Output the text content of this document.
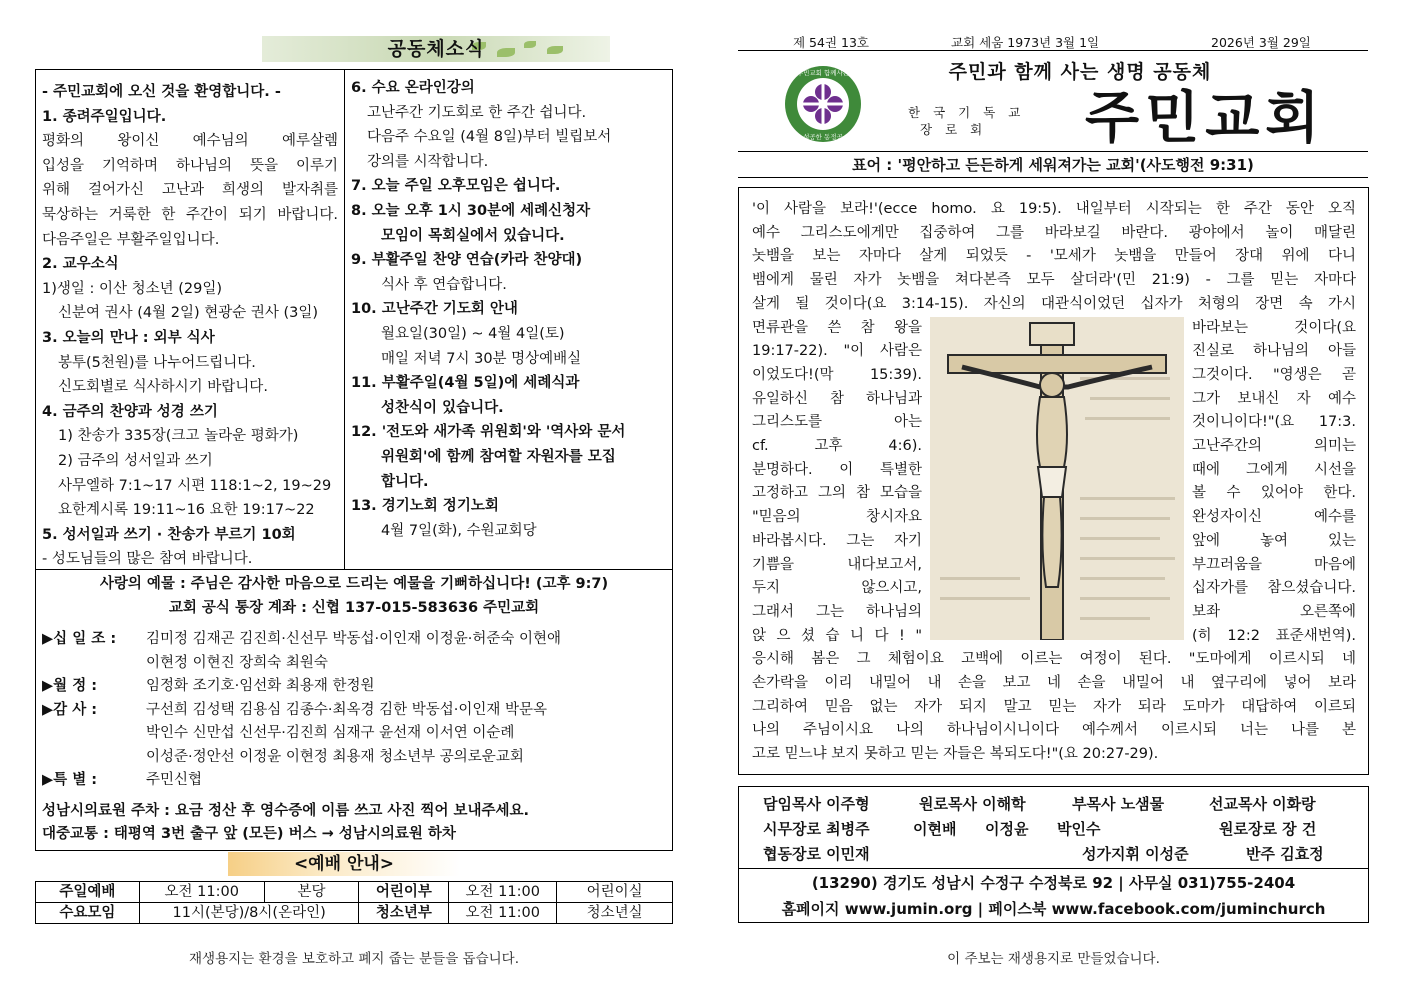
공동체소식
- 주민교회에 오신 것을 환영합니다. -
1. 종려주일입니다.
평화의 왕이신 예수님의 예루살렘
입성을 기억하며 하나님의 뜻을 이루기
위해 걸어가신 고난과 희생의 발자취를
묵상하는 거룩한 한 주간이 되기 바랍니다.
다음주일은 부활주일입니다.
2. 교우소식
1)생일 : 이산 청소년 (29일)
신분여 권사 (4월 2일) 현광순 권사 (3일)
3. 오늘의 만나 : 외부 식사
봉투(5천원)를 나누어드립니다.
신도회별로 식사하시기 바랍니다.
4. 금주의 찬양과 성경 쓰기
1) 찬송가 335장(크고 놀라운 평화가)
2) 금주의 성서일과 쓰기
사무엘하 7:1~17 시편 118:1~2, 19~29
요한계시록 19:11~16 요한 19:17~22
5. 성서일과 쓰기 · 찬송가 부르기 10회
- 성도님들의 많은 참여 바랍니다.
6. 수요 온라인강의
고난주간 기도회로 한 주간 쉽니다.
다음주 수요일 (4월 8일)부터 빌립보서
강의를 시작합니다.
7. 오늘 주일 오후모임은 쉽니다.
8. 오늘 오후 1시 30분에 세례신청자
모임이 목회실에서 있습니다.
9. 부활주일 찬양 연습(카라 찬양대)
식사 후 연습합니다.
10. 고난주간 기도회 안내
월요일(30일) ~ 4월 4일(토)
매일 저녁 7시 30분 명상예배실
11. 부활주일(4월 5일)에 세례식과
성찬식이 있습니다.
12. '전도와 새가족 위원회'와 '역사와 문서
위원회'에 함께 참여할 자원자를 모집
합니다.
13. 경기노회 정기노회
4월 7일(화), 수원교회당
사랑의 예물 : 주님은 감사한 마음으로 드리는 예물을 기뻐하십니다! (고후 9:7)
교회 공식 통장 계좌 : 신협 137-015-583636 주민교회
▶십 일 조 : 김미정 김재곤 김진희·신선무 박동섭·이인재 이정윤·허준숙 이현애
이현정 이현진 장희숙 최원숙
▶월 정 :	임정화 조기호·임선화 최용재 한정원
▶감 사 :	구선희 김성택 김용심 김종수·최옥경 김한 박동섭·이인재 박문옥
박인수 신만섭 신선무·김진희 심재구 윤선재 이서연 이순례
이성준·정안선 이정윤 이현정 최용재 청소년부 공의로운교회
▶특 별 :	주민신협
성남시의료원 주차 : 요금 정산 후 영수증에 이름 쓰고 사진 찍어 보내주세요.
대중교통 : 태평역 3번 출구 앞 (모든) 버스 → 성남시의료원 하차
<예배 안내>
주일예배	오전 11:00	본당	어린이부	오전 11:00	어린이실
수요모임	11시(본당)/8시(온라인)		청소년부	오전 11:00	청소년실
재생용지는 환경을 보호하고 폐지 줍는 분들을 돕습니다.
제 54권 13호	교회 세움 1973년 3월 1일	2026년 3월 29일
주민교회 함께사는
성공한 동정공
주민과 함께 사는 생명 공동체
한국기독교
장로회	주민교회
표어 : '평안하고 든든하게 세워져가는 교회'(사도행전 9:31)
'이 사람을 보라!'(ecce homo. 요 19:5). 내일부터 시작되는 한 주간 동안 오직
예수 그리스도에게만 집중하여 그를 바라보길 바란다. 광야에서 놀이 매달린
놋뱀을 보는 자마다 살게 되었듯 - '모세가 놋뱀을 만들어 장대 위에 다니
뱀에게 물린 자가 놋뱀을 쳐다본즉 모두 살더라'(민 21:9) - 그를 믿는 자마다
살게 될 것이다(요 3:14-15). 자신의 대관식이었던 십자가 처형의 장면 속 가시
면류관을 쓴 참 왕을
19:17-22). "이 사람은
이었도다!(막 15:39).
유일하신 참 하나님과
그리스도를 아는
cf. 고후 4:6).
분명하다. 이 특별한
고정하고 그의 참 모습을
"믿음의 창시자요
바라봅시다. 그는 자기
기쁨을 내다보고서,
두지 않으시고,
그래서 그는 하나님의
앉 으 셨 습 니 다 ! "
바라보는 것이다(요
진실로 하나님의 아들
그것이다. "영생은 곧
그가 보내신 자 예수
것이니이다!"(요 17:3.
고난주간의 의미는
때에 그에게 시선을
볼 수 있어야 한다.
완성자이신 예수를
앞에 놓여 있는
부끄러움을 마음에
십자가를 참으셨습니다.
보좌 오른쪽에
(히 12:2 표준새번역).
응시해 봄은 그 체험이요 고백에 이르는 여정이 된다. "도마에게 이르시되 네
손가락을 이리 내밀어 내 손을 보고 네 손을 내밀어 내 옆구리에 넣어 보라
그리하여 믿음 없는 자가 되지 말고 믿는 자가 되라 도마가 대답하여 이르되
나의 주님이시요 나의 하나님이시니이다 예수께서 이르시되 너는 나를 본
고로 믿느냐 보지 못하고 믿는 자들은 복되도다!"(요 20:27-29).
담임목사 이주형	원로목사 이해학	부목사 노샘물	선교목사 이화랑
시무장로 최병주	이현배 이정윤 박인수	원로장로 장 건
협동장로 이민재	성가지휘 이성준	반주 김효정
(13290) 경기도 성남시 수정구 수정북로 92 | 사무실 031)755-2404
홈페이지 www.jumin.org | 페이스북 www.facebook.com/juminchurch
이 주보는 재생용지로 만들었습니다.
